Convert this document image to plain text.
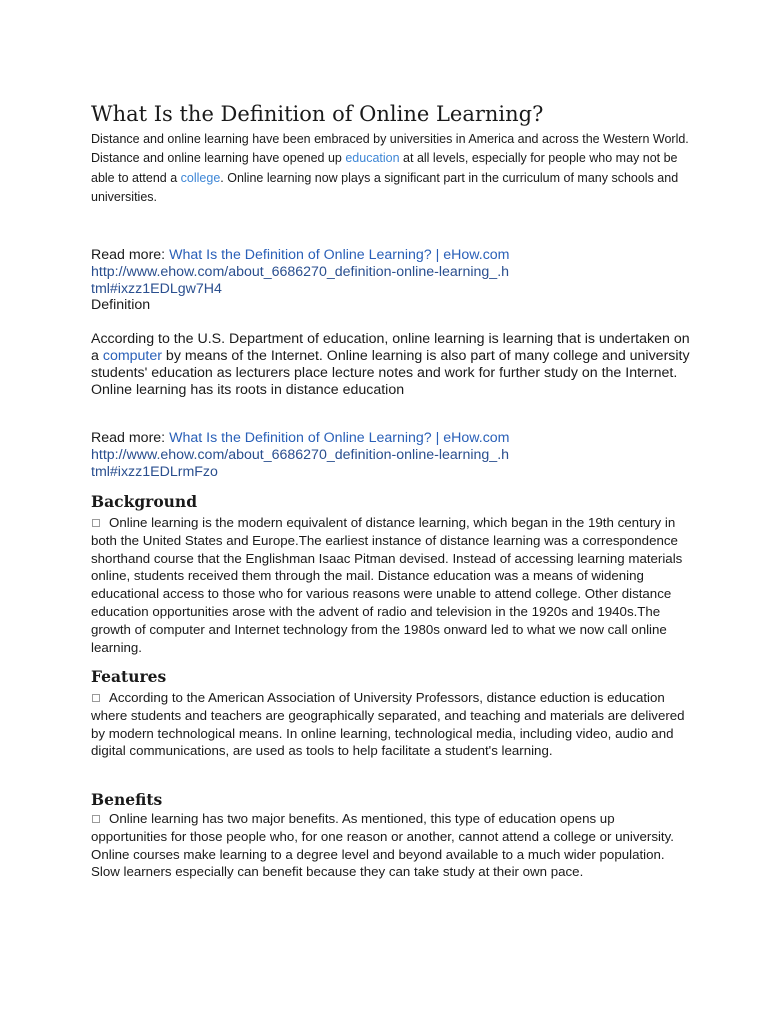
What Is the Definition of Online Learning?

Distance and online learning have been embraced by universities in America and across the Western World. Distance and online learning have opened up education at all levels, especially for people who may not be able to attend a college. Online learning now plays a significant part in the curriculum of many schools and universities.

Read more: What Is the Definition of Online Learning? | eHow.com

http://www.ehow.com/about_6686270_definition-online-learning_.html#ixzz1EDLgw7H4
Definition

According to the U.S. Department of education, online learning is learning that is undertaken on a computer by means of the Internet. Online learning is also part of many college and university students' education as lecturers place lecture notes and work for further study on the Internet. Online learning has its roots in distance education

Read more: What Is the Definition of Online Learning? | eHow.com

http://www.ehow.com/about_6686270_definition-online-learning_.html#ixzz1EDLrmFzo
Background

Online learning is the modern equivalent of distance learning, which began in the 19th century in both the United States and Europe.The earliest instance of distance learning was a correspondence shorthand course that the Englishman Isaac Pitman devised. Instead of accessing learning materials online, students received them through the mail. Distance education was a means of widening educational access to those who for various reasons were unable to attend college. Other distance education opportunities arose with the advent of radio and television in the 1920s and 1940s.The growth of computer and Internet technology from the 1980s onward led to what we now call online learning.

Features

According to the American Association of University Professors, distance eduction is education where students and teachers are geographically separated, and teaching and materials are delivered by modern technological means. In online learning, technological media, including video, audio and digital communications, are used as tools to help facilitate a student's learning.

Benefits

Online learning has two major benefits. As mentioned, this type of education opens up opportunities for those people who, for one reason or another, cannot attend a college or university. Online courses make learning to a degree level and beyond available to a much wider population. Slow learners especially can benefit because they can take study at their own pace.
